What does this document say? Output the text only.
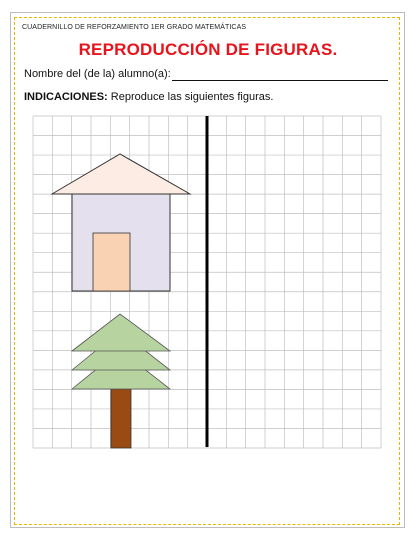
CUADERNILLO DE REFORZAMIENTO 1ER GRADO MATEMÁTICAS
REPRODUCCIÓN DE FIGURAS.
Nombre del (de la) alumno(a):
INDICACIONES: Reproduce las siguientes figuras.
